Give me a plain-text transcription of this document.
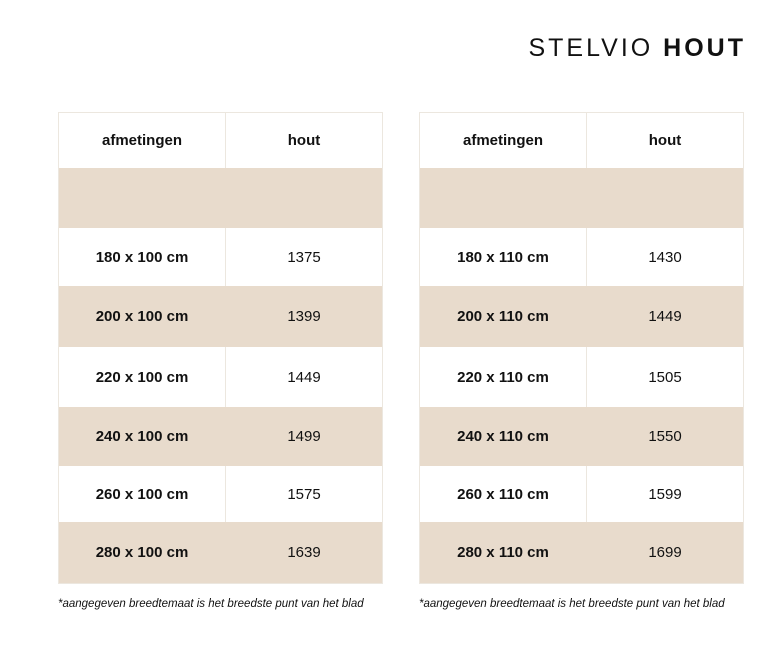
STELVIO HOUT
afmetingen	hout
180 x 100 cm	1375
200 x 100 cm	1399
220 x 100 cm	1449
240 x 100 cm	1499
260 x 100 cm	1575
280 x 100 cm	1639
*aangegeven breedtemaat is het breedste punt van het blad
afmetingen	hout
180 x 110 cm	1430
200 x 110 cm	1449
220 x 110 cm	1505
240 x 110 cm	1550
260 x 110 cm	1599
280 x 110 cm	1699
*aangegeven breedtemaat is het breedste punt van het blad
